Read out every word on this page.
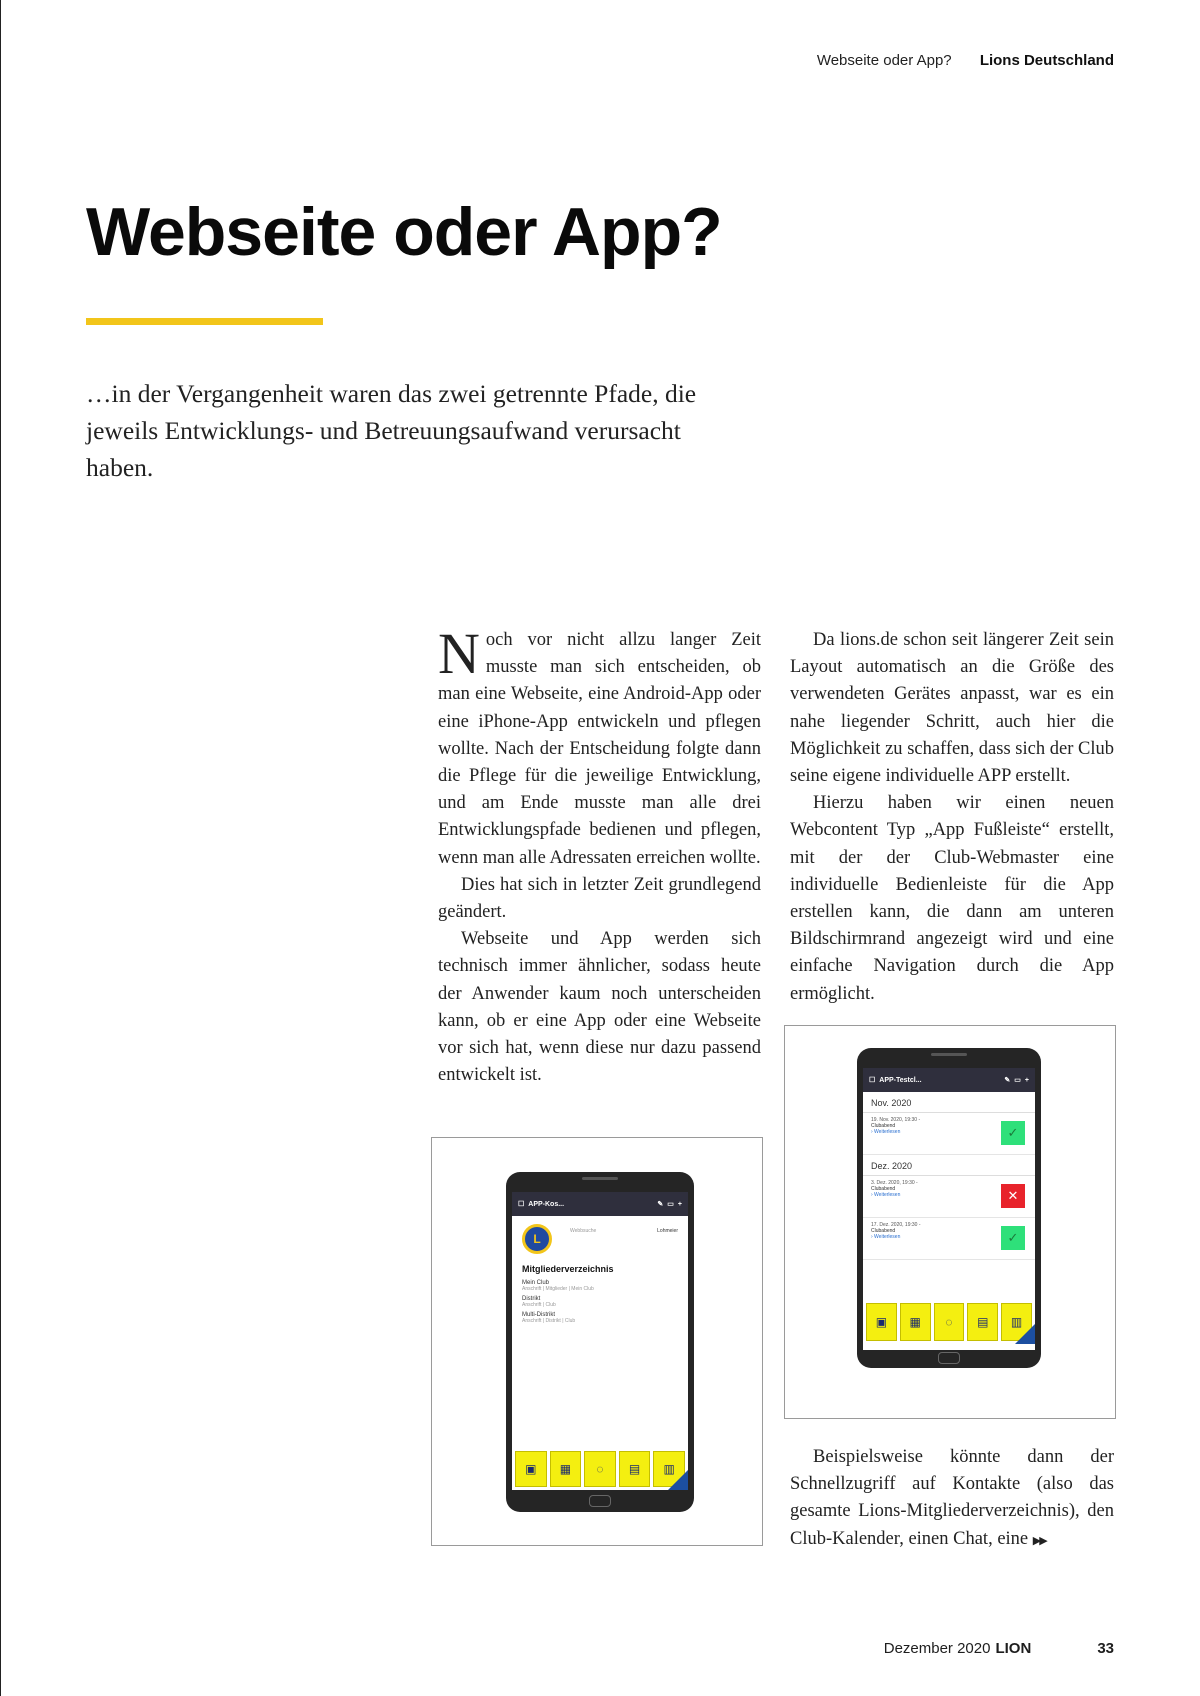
Webseite oder App? Lions Deutschland
Webseite oder App?

…in der Vergangenheit waren das zwei getrennte Pfade, die jeweils Entwicklungs- und Betreuungsaufwand verursacht haben.

Noch vor nicht allzu langer Zeit musste man sich entscheiden, ob man eine Webseite, eine Android-App oder eine iPhone-App entwickeln und pflegen wollte. Nach der Entscheidung folgte dann die Pflege für die jeweilige Entwicklung, und am Ende musste man alle drei Entwicklungspfade bedienen und pflegen, wenn man alle Adressaten erreichen wollte.

Dies hat sich in letzter Zeit grundlegend geändert.

Webseite und App werden sich technisch immer ähnlicher, sodass heute der Anwender kaum noch unterscheiden kann, ob er eine App oder eine Webseite vor sich hat, wenn diese nur dazu passend entwickelt ist.

Da lions.de schon seit längerer Zeit sein Layout automatisch an die Größe des verwendeten Gerätes anpasst, war es ein nahe liegender Schritt, auch hier die Möglichkeit zu schaffen, dass sich der Club seine eigene individuelle APP erstellt.

Hierzu haben wir einen neuen Webcontent Typ „App Fußleiste“ erstellt, mit der der Club-Webmaster eine individuelle Bedienleiste für die App erstellen kann, die dann am unteren Bildschirmrand angezeigt wird und eine einfache Navigation durch die App ermöglicht.

☐ APP-Kos...	✎ ▭ +
L
Webbsuche	Lohmeier
Mitgliederverzeichnis
Mein Club
Anschrift | Mitglieder | Mein Club
Distrikt
Anschrift | Club
Multi-Distrikt
Anschrift | Distrikt | Club
▣	▦	◌	▤	▥
☐ APP-Testcl...	✎ ▭ +
Nov. 2020
19. Nov. 2020, 19:30 -
Clubabend
› Weiterlesen	✓
Dez. 2020
3. Dez. 2020, 19:30 -
Clubabend
› Weiterlesen	✕
17. Dez. 2020, 19:30 -
Clubabend
› Weiterlesen	✓
▣	▦	◌	▤	▥

Beispielsweise könnte dann der Schnellzugriff auf Kontakte (also das gesamte Lions-Mitgliederverzeichnis), den Club-Kalender, einen Chat, eine ▶▶

Dezember 2020 LION	33
